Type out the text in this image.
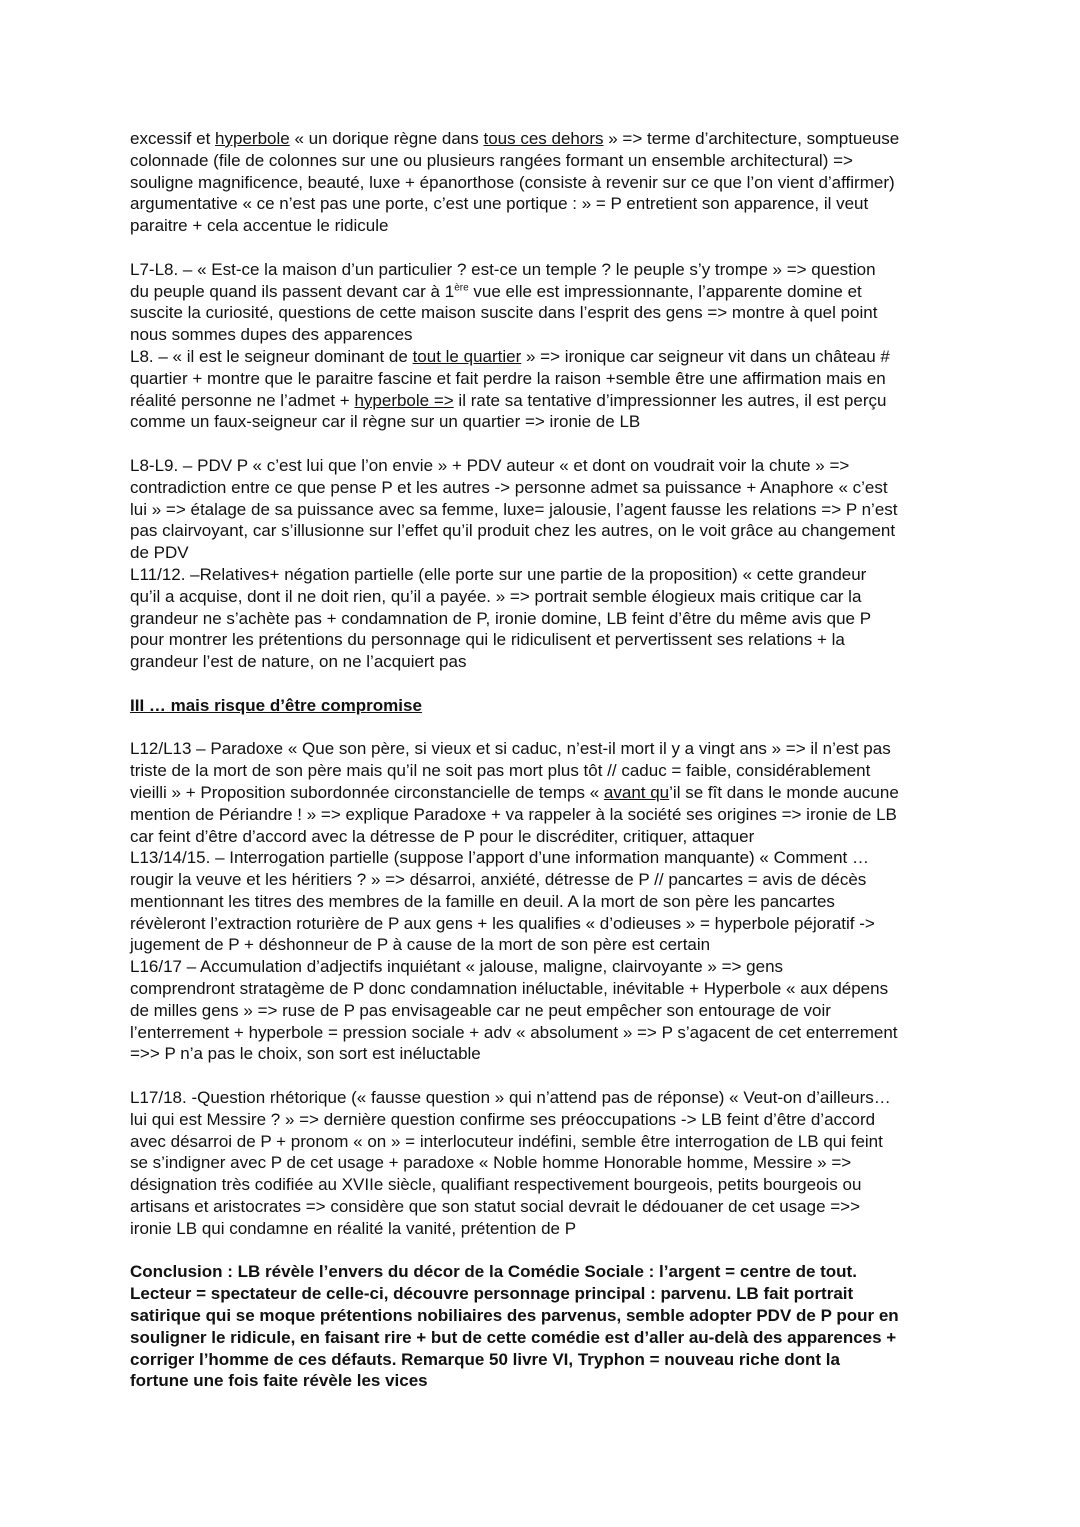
excessif et hyperbole « un dorique règne dans tous ces dehors » => terme d’architecture, somptueuse
colonnade (file de colonnes sur une ou plusieurs rangées formant un ensemble architectural) =>
souligne magnificence, beauté, luxe + épanorthose (consiste à revenir sur ce que l’on vient d’affirmer)
argumentative « ce n’est pas une porte, c’est une portique : » = P entretient son apparence, il veut
paraitre + cela accentue le ridicule
L7-L8. – « Est-ce la maison d’un particulier ? est-ce un temple ? le peuple s’y trompe » => question
du peuple quand ils passent devant car à 1ère vue elle est impressionnante, l’apparente domine et
suscite la curiosité, questions de cette maison suscite dans l’esprit des gens => montre à quel point
nous sommes dupes des apparences
L8. – « il est le seigneur dominant de tout le quartier » => ironique car seigneur vit dans un château #
quartier + montre que le paraitre fascine et fait perdre la raison +semble être une affirmation mais en
réalité personne ne l’admet + hyperbole => il rate sa tentative d’impressionner les autres, il est perçu
comme un faux-seigneur car il règne sur un quartier => ironie de LB
L8-L9. – PDV P « c’est lui que l’on envie » + PDV auteur « et dont on voudrait voir la chute » =>
contradiction entre ce que pense P et les autres -> personne admet sa puissance + Anaphore « c’est
lui » => étalage de sa puissance avec sa femme, luxe= jalousie, l’agent fausse les relations => P n’est
pas clairvoyant, car s’illusionne sur l’effet qu’il produit chez les autres, on le voit grâce au changement
de PDV
L11/12. –Relatives+ négation partielle (elle porte sur une partie de la proposition) « cette grandeur
qu’il a acquise, dont il ne doit rien, qu’il a payée. » => portrait semble élogieux mais critique car la
grandeur ne s’achète pas + condamnation de P, ironie domine, LB feint d’être du même avis que P
pour montrer les prétentions du personnage qui le ridiculisent et pervertissent ses relations + la
grandeur l’est de nature, on ne l’acquiert pas
III … mais risque d’être compromise
L12/L13 – Paradoxe « Que son père, si vieux et si caduc, n’est-il mort il y a vingt ans » => il n’est pas
triste de la mort de son père mais qu’il ne soit pas mort plus tôt // caduc = faible, considérablement
vieilli » + Proposition subordonnée circonstancielle de temps « avant qu’il se fît dans le monde aucune
mention de Périandre ! » => explique Paradoxe + va rappeler à la société ses origines => ironie de LB
car feint d’être d’accord avec la détresse de P pour le discréditer, critiquer, attaquer
L13/14/15. – Interrogation partielle (suppose l’apport d’une information manquante) « Comment …
rougir la veuve et les héritiers ? » => désarroi, anxiété, détresse de P // pancartes = avis de décès
mentionnant les titres des membres de la famille en deuil. A la mort de son père les pancartes
révèleront l’extraction roturière de P aux gens + les qualifies « d’odieuses » = hyperbole péjoratif ->
jugement de P + déshonneur de P à cause de la mort de son père est certain
L16/17 – Accumulation d’adjectifs inquiétant « jalouse, maligne, clairvoyante » => gens
comprendront stratagème de P donc condamnation inéluctable, inévitable + Hyperbole « aux dépens
de milles gens » => ruse de P pas envisageable car ne peut empêcher son entourage de voir
l’enterrement + hyperbole = pression sociale + adv « absolument » => P s’agacent de cet enterrement
=>> P n’a pas le choix, son sort est inéluctable
L17/18. -Question rhétorique (« fausse question » qui n’attend pas de réponse) « Veut-on d’ailleurs…
lui qui est Messire ? » => dernière question confirme ses préoccupations -> LB feint d’être d’accord
avec désarroi de P + pronom « on » = interlocuteur indéfini, semble être interrogation de LB qui feint
se s’indigner avec P de cet usage + paradoxe « Noble homme Honorable homme, Messire » =>
désignation très codifiée au XVIIe siècle, qualifiant respectivement bourgeois, petits bourgeois ou
artisans et aristocrates => considère que son statut social devrait le dédouaner de cet usage =>>
ironie LB qui condamne en réalité la vanité, prétention de P
Conclusion : LB révèle l’envers du décor de la Comédie Sociale : l’argent = centre de tout.
Lecteur = spectateur de celle-ci, découvre personnage principal : parvenu. LB fait portrait
satirique qui se moque prétentions nobiliaires des parvenus, semble adopter PDV de P pour en
souligner le ridicule, en faisant rire + but de cette comédie est d’aller au-delà des apparences +
corriger l’homme de ces défauts. Remarque 50 livre VI, Tryphon = nouveau riche dont la
fortune une fois faite révèle les vices
